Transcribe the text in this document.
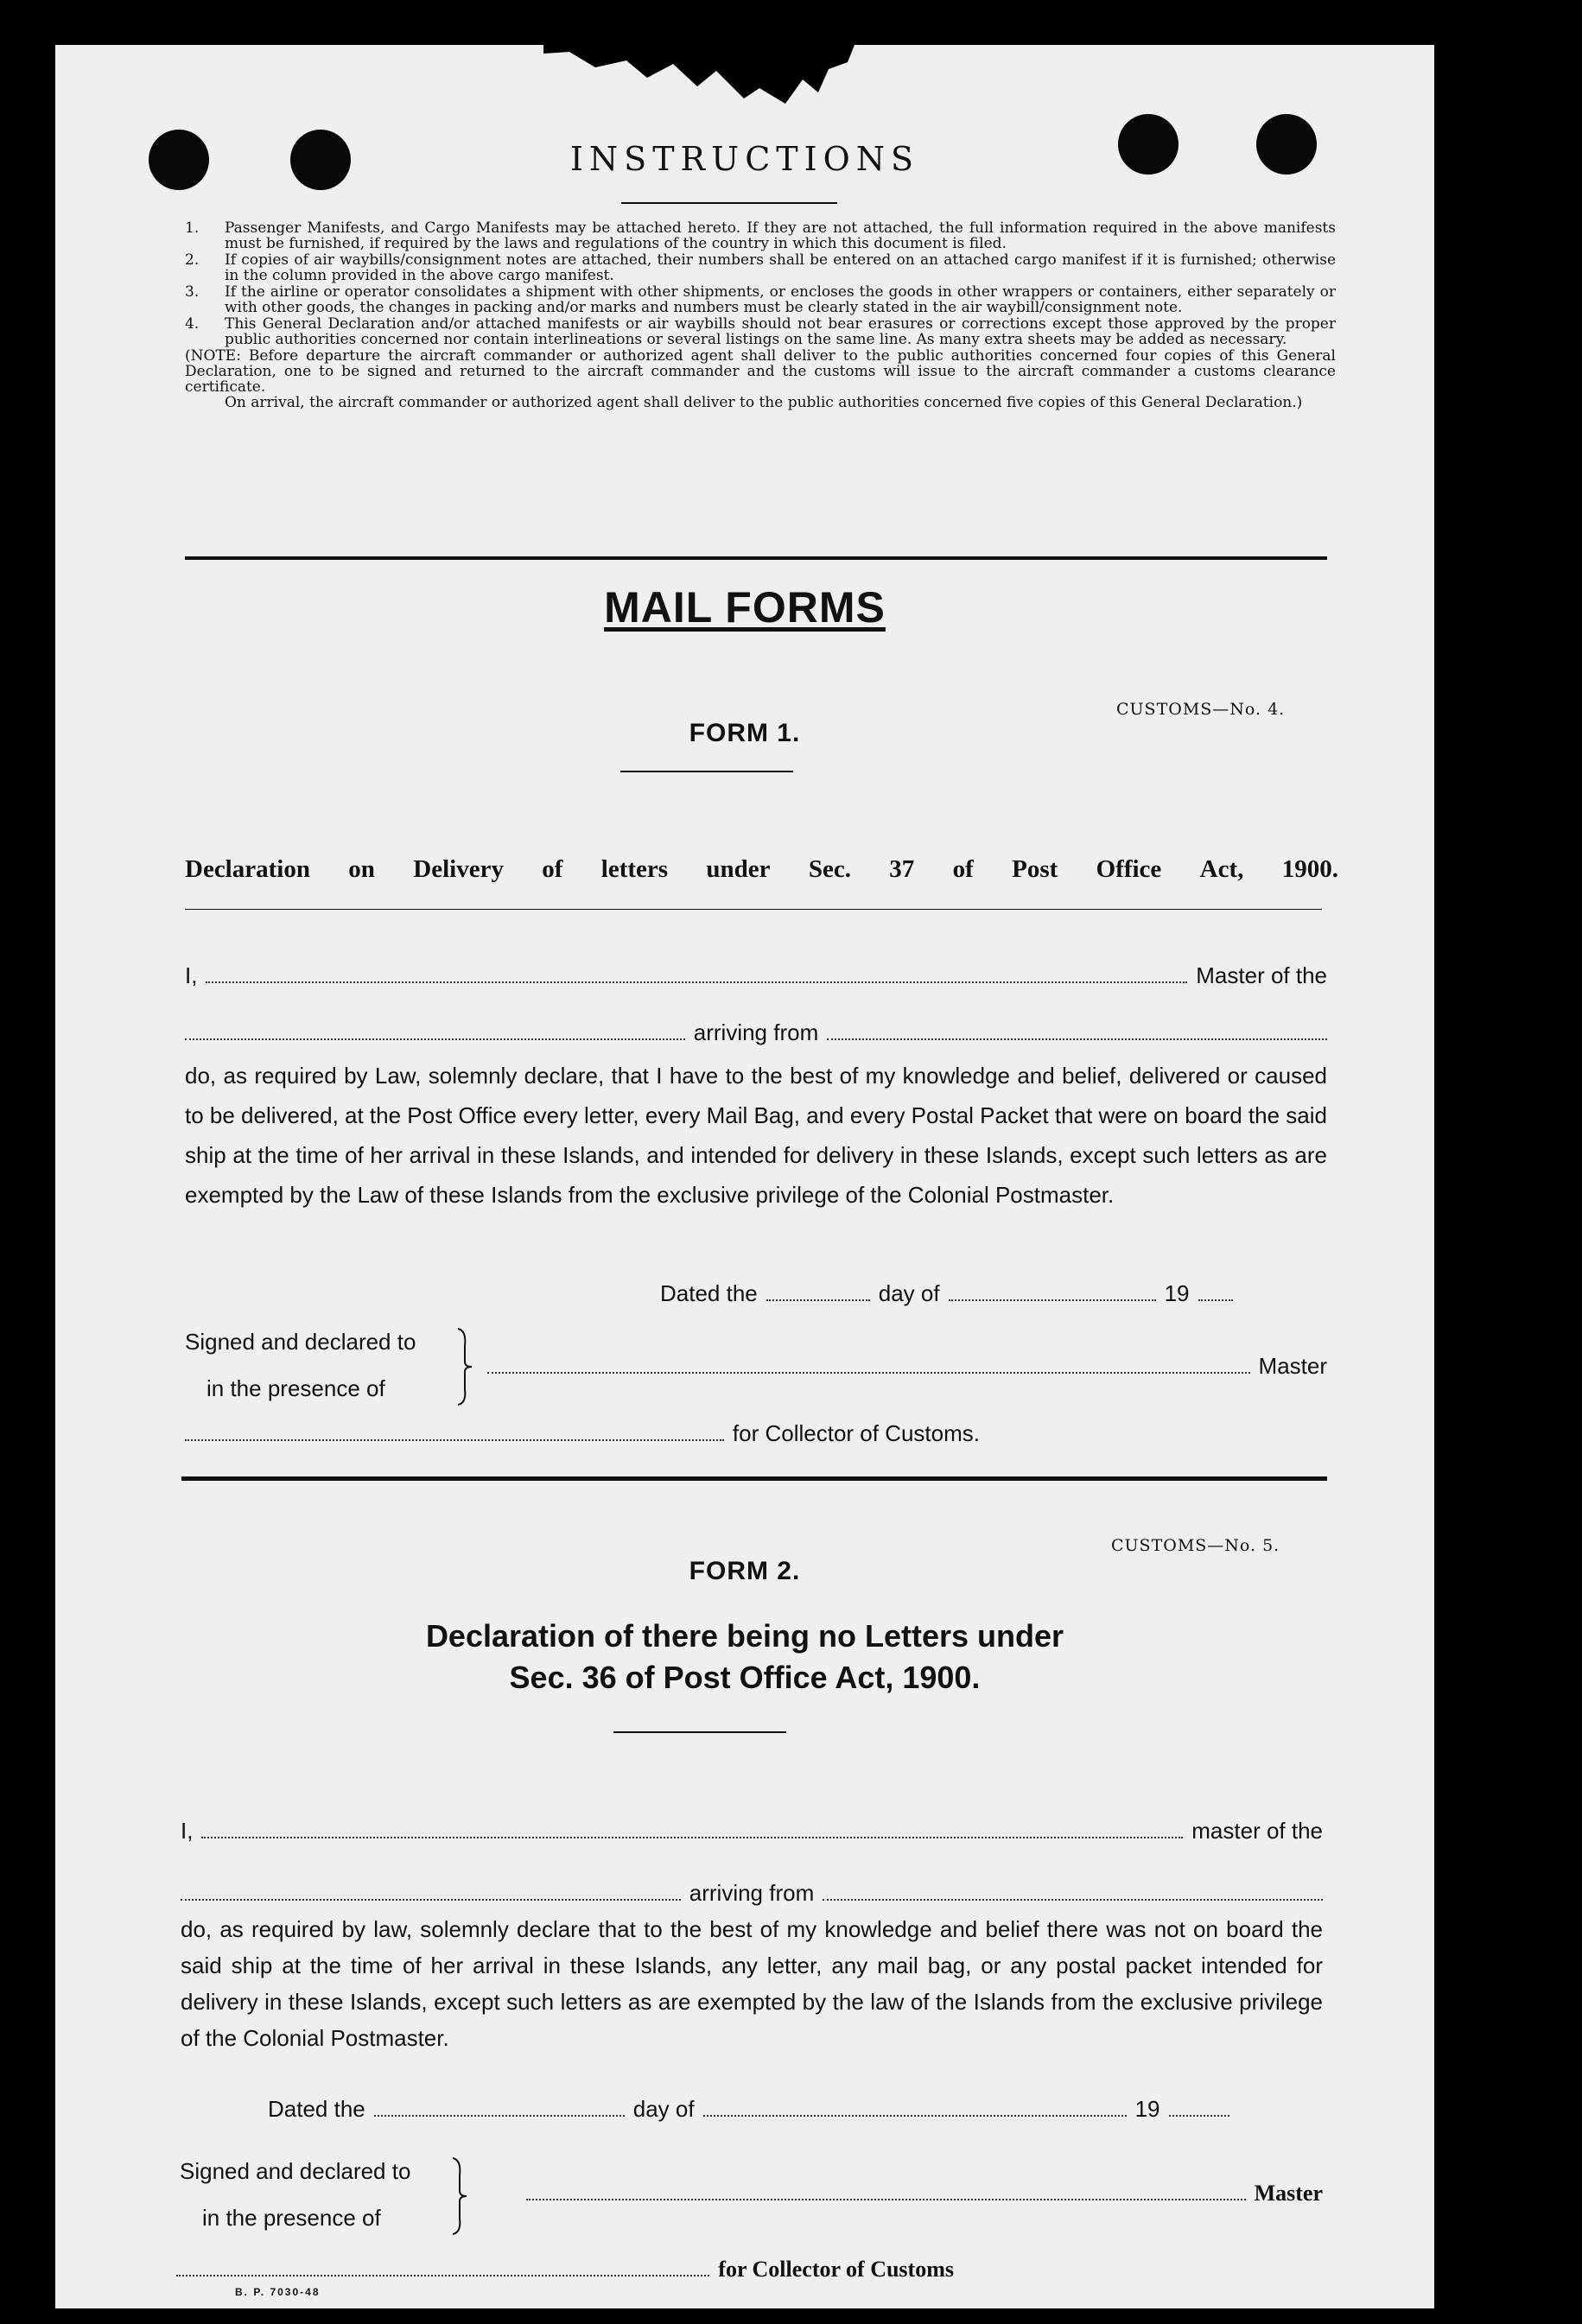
INSTRUCTIONS
1.	Passenger Manifests, and Cargo Manifests may be attached hereto. If they are not attached, the full information required in the above manifests must be furnished, if required by the laws and regulations of the country in which this document is filed.
2.	If copies of air waybills/consignment notes are attached, their numbers shall be entered on an attached cargo manifest if it is furnished; otherwise in the column provided in the above cargo manifest.
3.	If the airline or operator consolidates a shipment with other shipments, or encloses the goods in other wrappers or containers, either separately or with other goods, the changes in packing and/or marks and numbers must be clearly stated in the air waybill/consignment note.
4.	This General Declaration and/or attached manifests or air waybills should not bear erasures or corrections except those approved by the proper public authorities concerned nor contain interlineations or several listings on the same line. As many extra sheets may be added as necessary.
(NOTE: Before departure the aircraft commander or authorized agent shall deliver to the public authorities concerned four copies of this General Declaration, one to be signed and returned to the aircraft commander and the customs will issue to the aircraft commander a customs clearance certificate.
On arrival, the aircraft commander or authorized agent shall deliver to the public authorities concerned five copies of this General Declaration.)
MAIL FORMS
CUSTOMS—No. 4.
FORM 1.
Declaration on Delivery of letters under Sec. 37 of Post Office Act, 1900.
I,	Master of the
arriving from
do, as required by Law, solemnly declare, that I have to the best of my knowledge and belief, delivered or caused to be delivered, at the Post Office every letter, every Mail Bag, and every Postal Packet that were on board the said ship at the time of her arrival in these Islands, and intended for delivery in these Islands, except such letters as are exempted by the Law of these Islands from the exclusive privilege of the Colonial Postmaster.
Dated the	day of	19
Signed and declared to
in the presence of
Master
for Collector of Customs.
CUSTOMS—No. 5.
FORM 2.
Declaration of there being no Letters under
Sec. 36 of Post Office Act, 1900.
I,	master of the
arriving from
do, as required by law, solemnly declare that to the best of my knowledge and belief there was not on board the said ship at the time of her arrival in these Islands, any letter, any mail bag, or any postal packet intended for delivery in these Islands, except such letters as are exempted by the law of the Islands from the exclusive privilege of the Colonial Postmaster.
Dated the	day of	19
Signed and declared to
in the presence of
Master
for Collector of Customs
B. P. 7030-48
